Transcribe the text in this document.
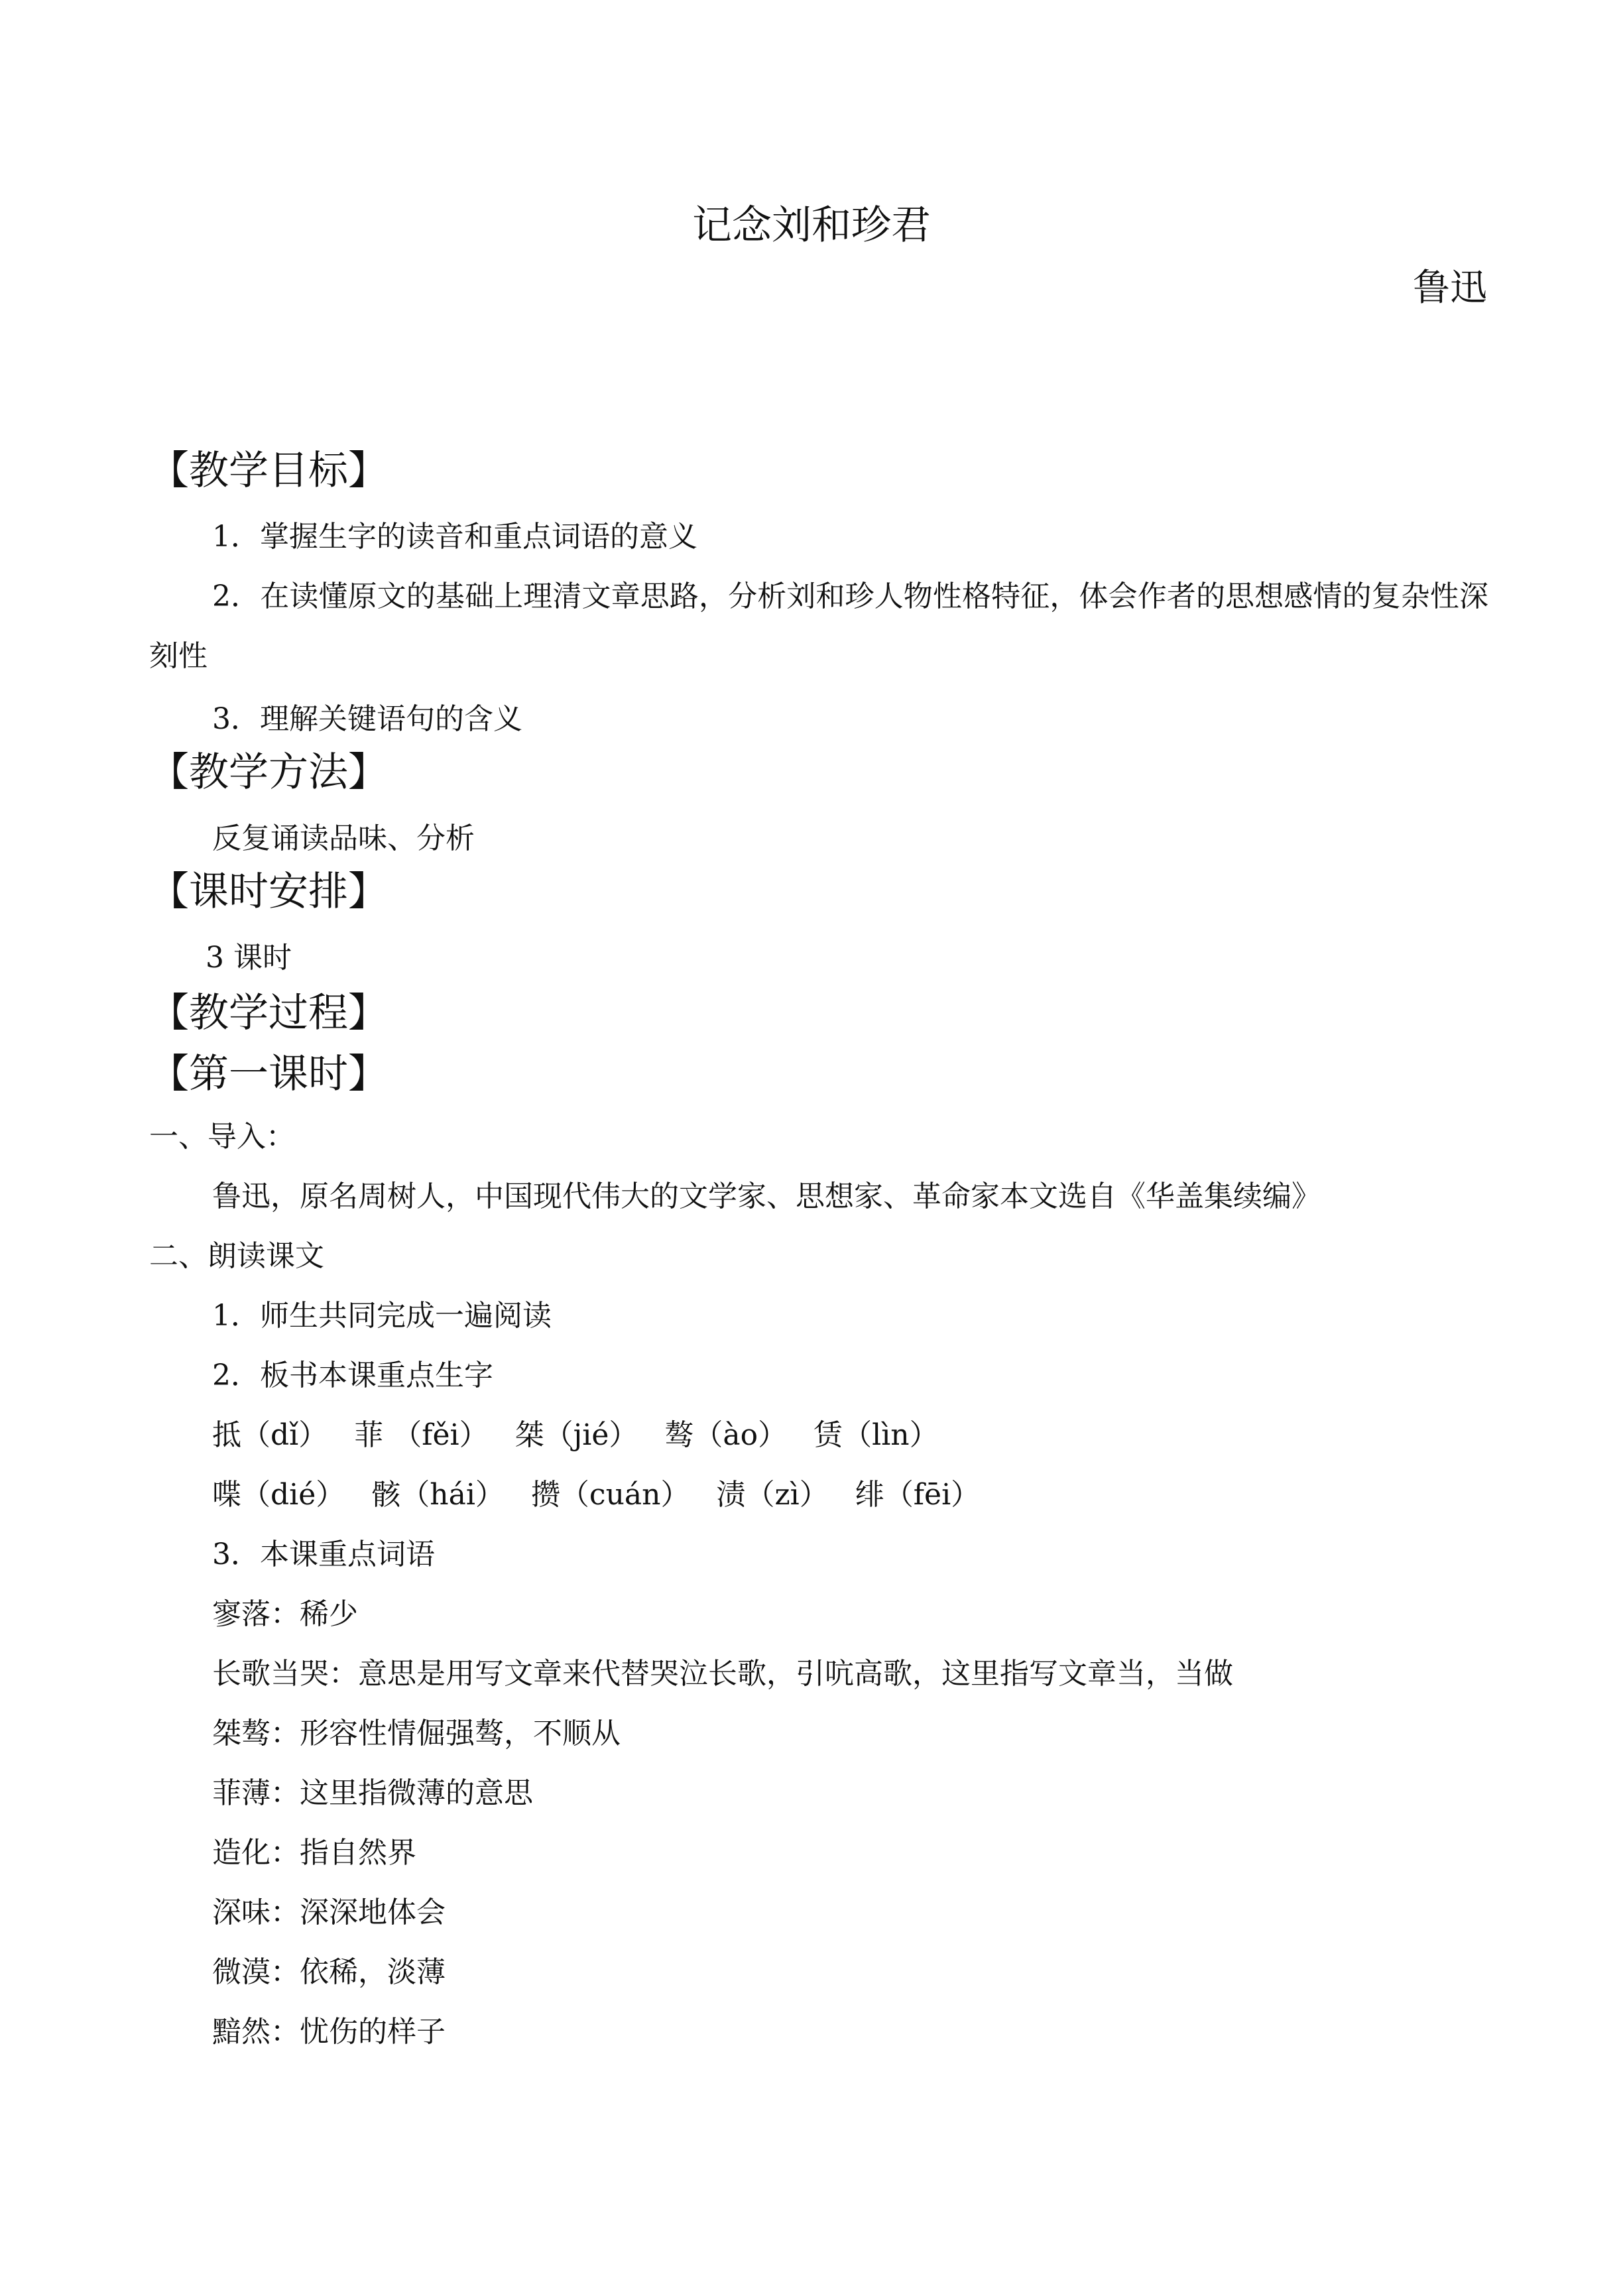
记念刘和珍君
鲁迅
【教学目标】
1．掌握生字的读音和重点词语的意义
2．在读懂原文的基础上理清文章思路，分析刘和珍人物性格特征，体会作者的思想感情的复杂性深刻性
3．理解关键语句的含义
【教学方法】
反复诵读品味、分析
【课时安排】
3 课时
【教学过程】
【第一课时】
一、导入：
鲁迅，原名周树人，中国现代伟大的文学家、思想家、革命家本文选自《华盖集续编》
二、朗读课文
1．师生共同完成一遍阅读
2．板书本课重点生字
抵（dǐ） 菲 （fěi） 桀（jié） 骜（ào） 赁（lìn）
喋（dié） 骸（hái） 攒（cuán） 渍（zì） 绯（fēi）
3．本课重点词语
寥落：稀少
长歌当哭：意思是用写文章来代替哭泣长歌，引吭高歌，这里指写文章当，当做
桀骜：形容性情倔强骜，不顺从
菲薄：这里指微薄的意思
造化：指自然界
深味：深深地体会
微漠：依稀，淡薄
黯然：忧伤的样子
